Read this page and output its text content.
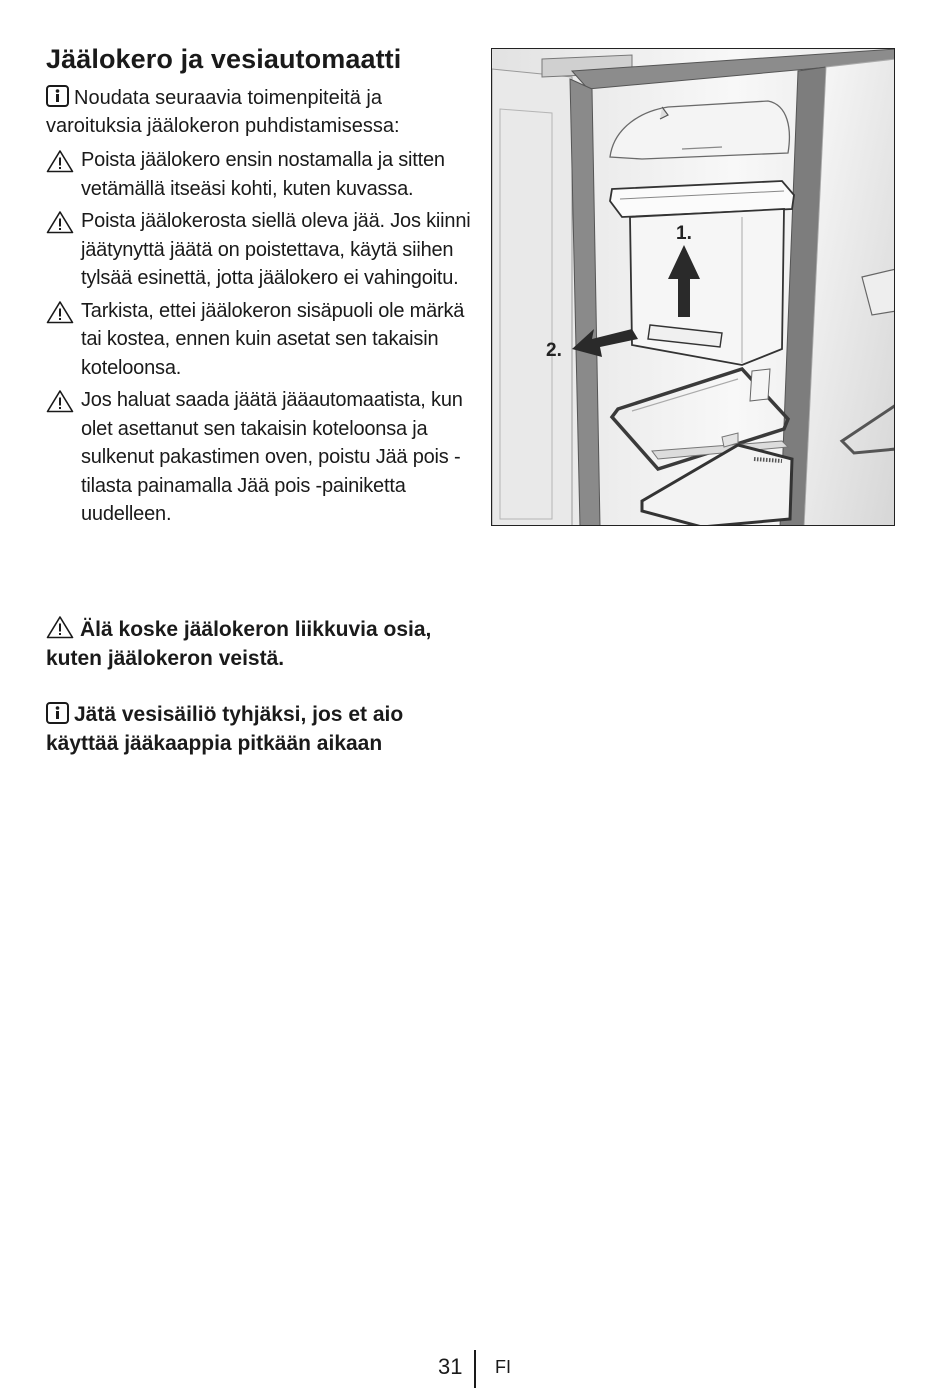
Jäälokero ja vesiautomaatti

Noudata seuraavia toimenpiteitä ja varoituksia jäälokeron puhdistamisessa:

Poista jäälokero ensin nostamalla ja sitten vetämällä itseäsi kohti, kuten kuvassa.
Poista jäälokerosta siellä oleva jää. Jos kiinni jäätynyttä jäätä on poistettava, käytä siihen tylsää esinettä, jotta jäälokero ei vahingoitu.
Tarkista, ettei jäälokeron sisäpuoli ole märkä tai kostea, ennen kuin asetat sen takaisin koteloonsa.
Jos haluat saada jäätä jääautomaatista, kun olet asettanut sen takaisin koteloonsa ja sulkenut pakastimen oven, poistu Jää pois -tilasta painamalla Jää pois -painiketta uudelleen.

Älä koske jäälokeron liikkuvia osia, kuten jäälokeron veistä.

Jätä vesisäiliö tyhjäksi, jos et aio käyttää jääkaappia pitkään aikaan

1.
2.
31 FI
